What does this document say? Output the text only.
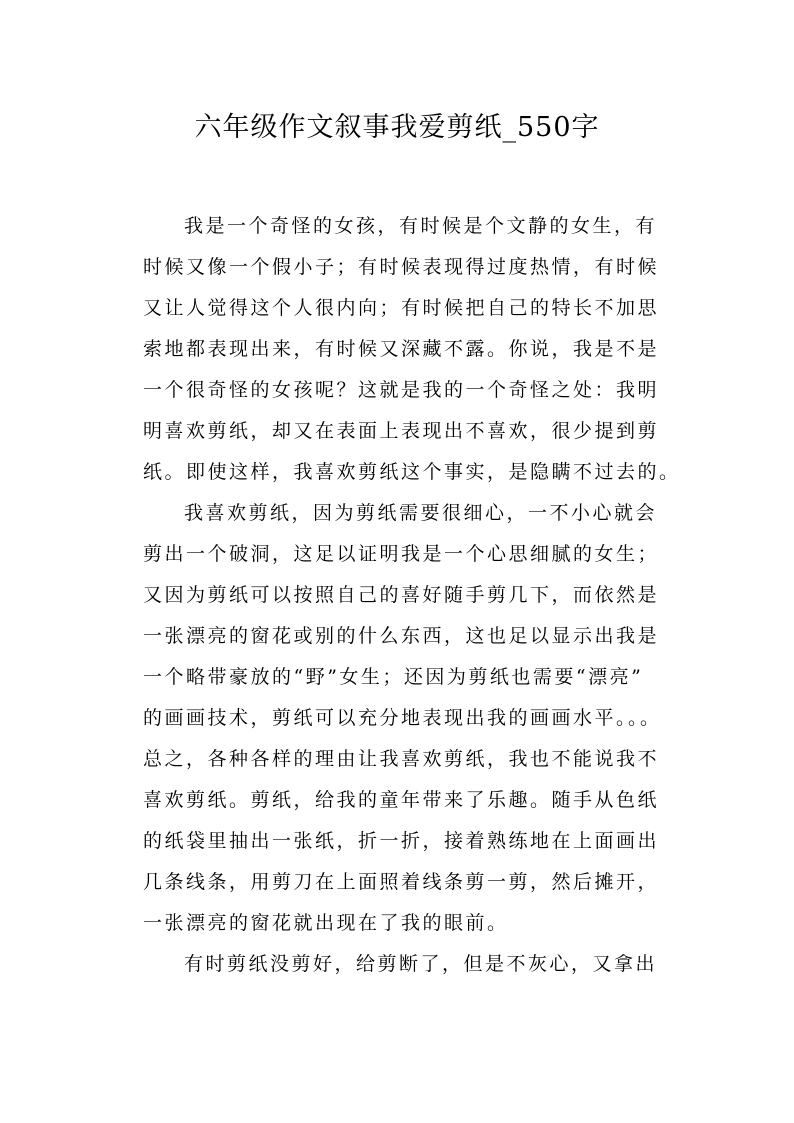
六年级作文叙事我爱剪纸_550字
我是一个奇怪的女孩，有时候是个文静的女生，有
时候又像一个假小子；有时候表现得过度热情，有时候
又让人觉得这个人很内向；有时候把自己的特长不加思
索地都表现出来，有时候又深藏不露。你说，我是不是
一个很奇怪的女孩呢？这就是我的一个奇怪之处：我明
明喜欢剪纸，却又在表面上表现出不喜欢，很少提到剪
纸。即使这样，我喜欢剪纸这个事实，是隐瞒不过去的。
我喜欢剪纸，因为剪纸需要很细心，一不小心就会
剪出一个破洞，这足以证明我是一个心思细腻的女生；
又因为剪纸可以按照自己的喜好随手剪几下，而依然是
一张漂亮的窗花或别的什么东西，这也足以显示出我是
一个略带豪放的“野”女生；还因为剪纸也需要“漂亮”
的画画技术，剪纸可以充分地表现出我的画画水平。。。
总之，各种各样的理由让我喜欢剪纸，我也不能说我不
喜欢剪纸。剪纸，给我的童年带来了乐趣。随手从色纸
的纸袋里抽出一张纸，折一折，接着熟练地在上面画出
几条线条，用剪刀在上面照着线条剪一剪，然后摊开，
一张漂亮的窗花就出现在了我的眼前。
有时剪纸没剪好，给剪断了，但是不灰心，又拿出
